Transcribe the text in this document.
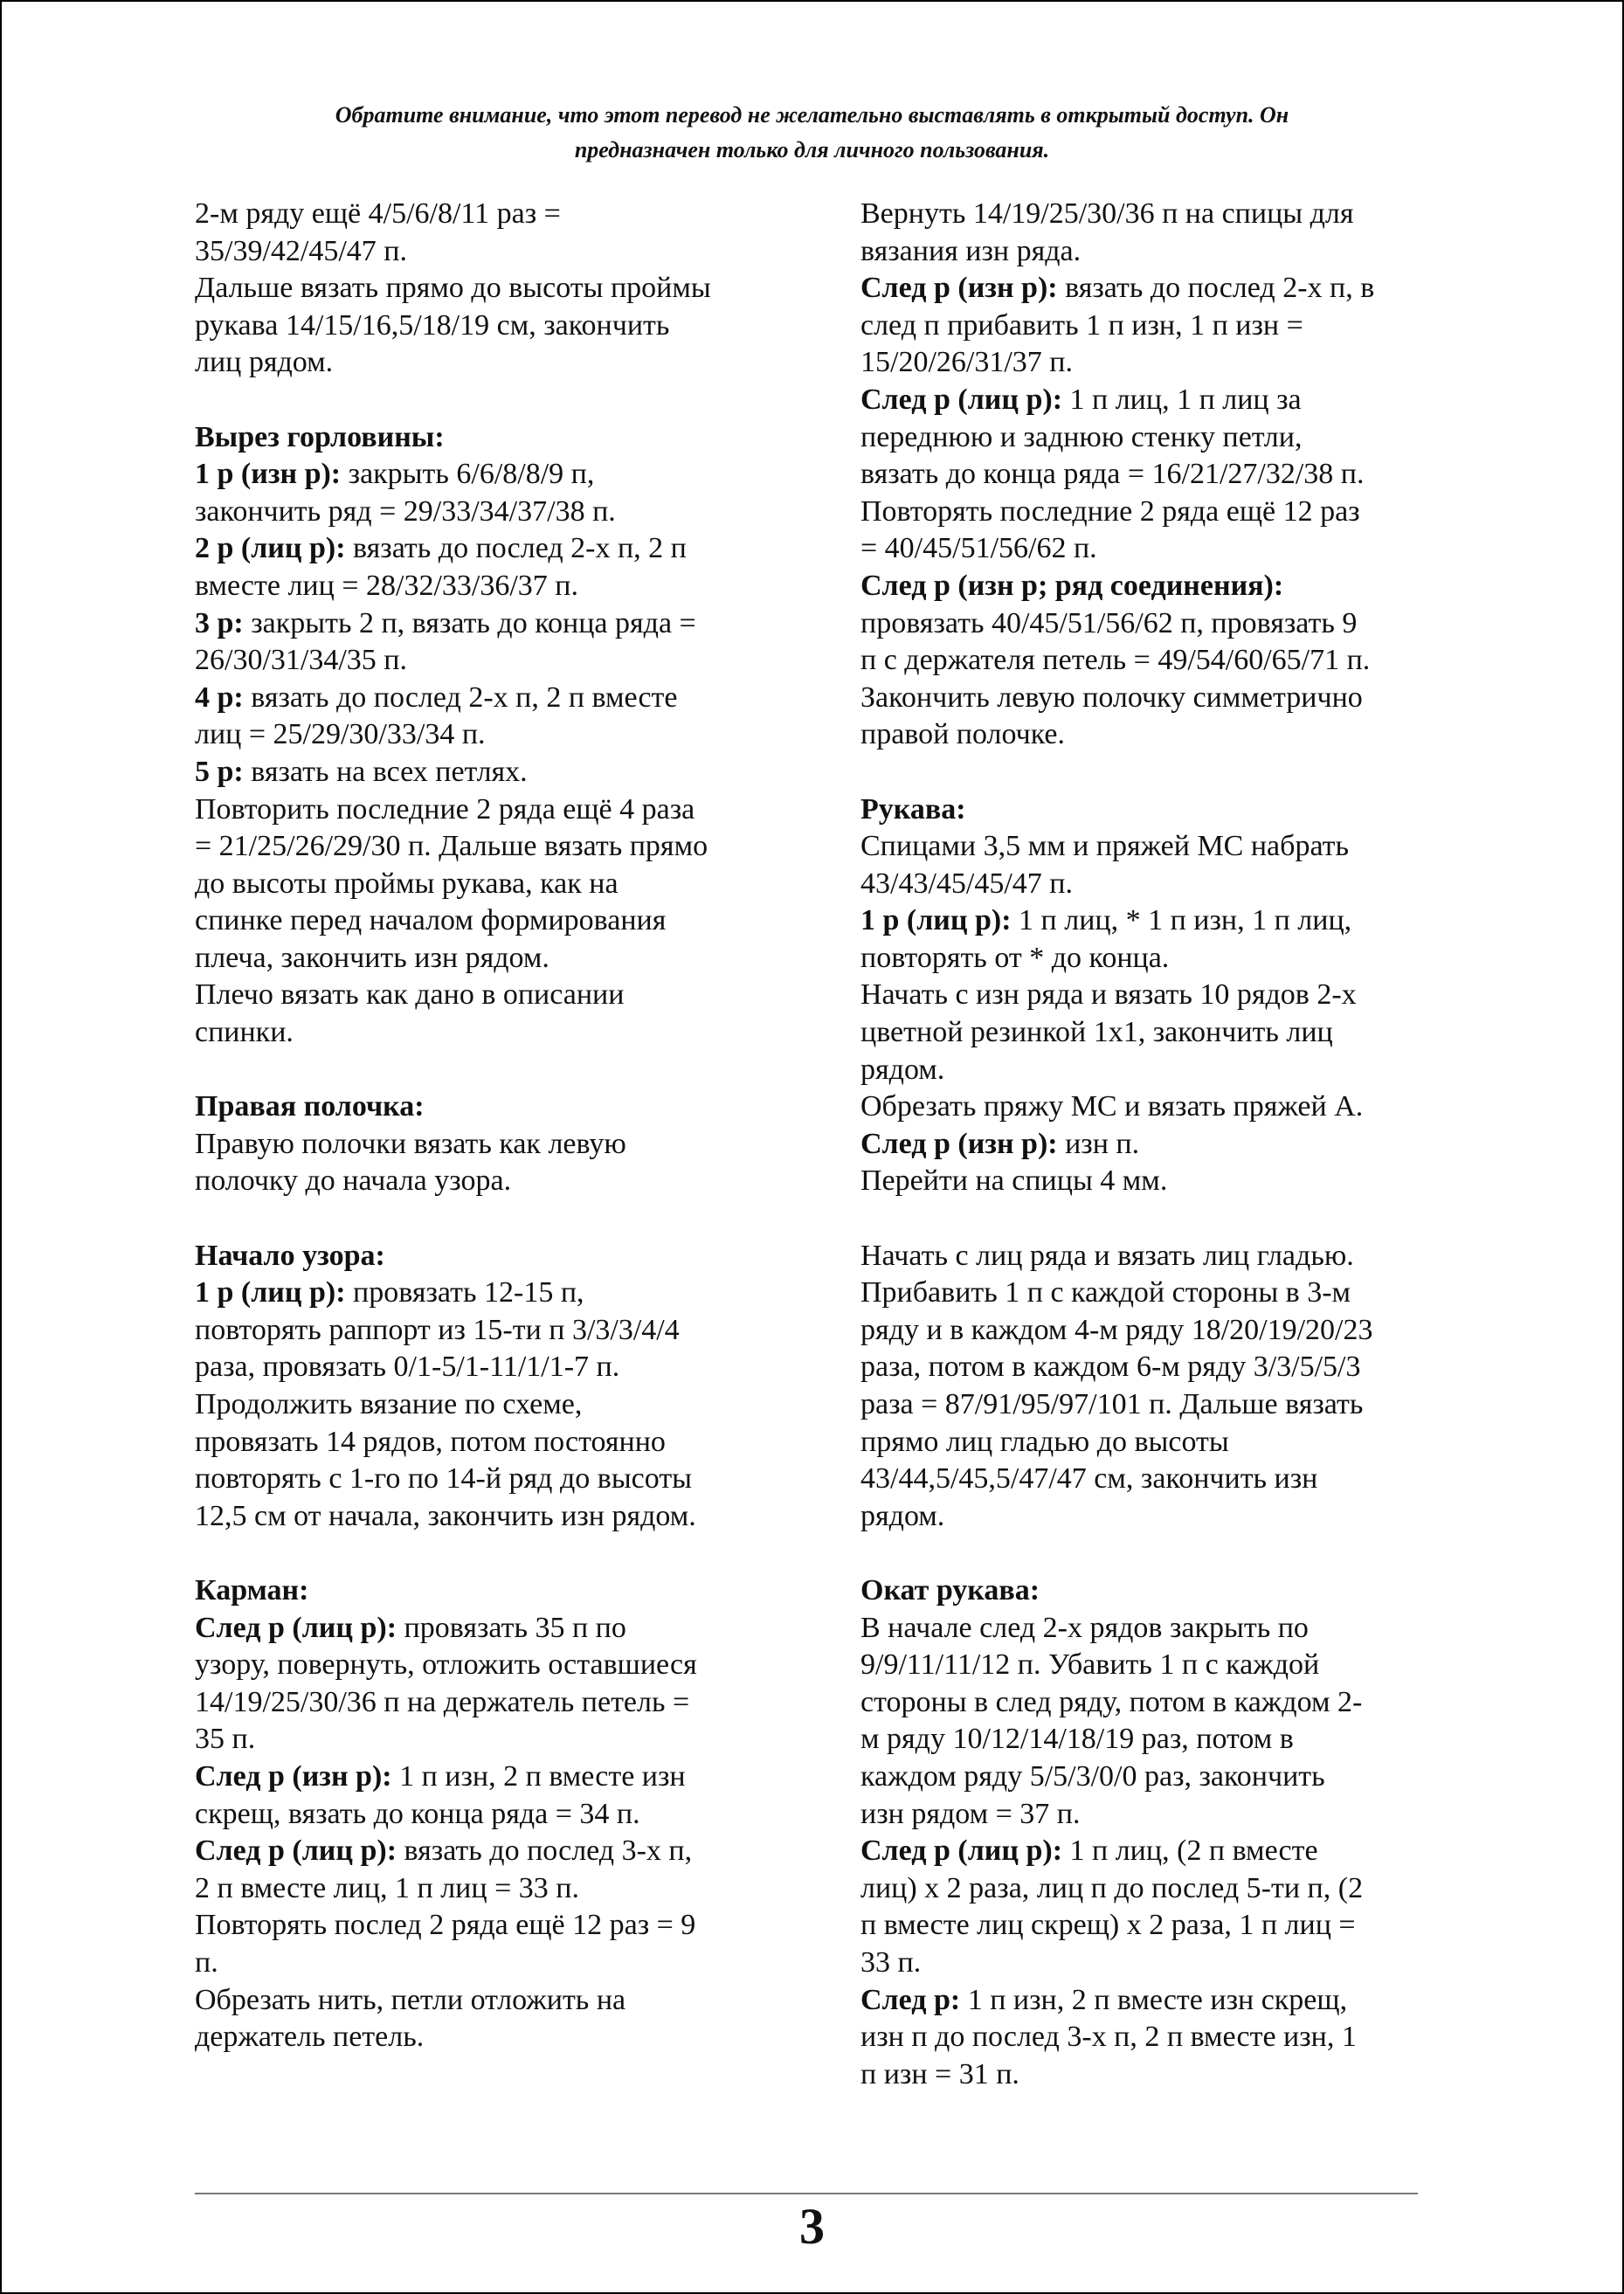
Обратите внимание, что этот перевод не желательно выставлять в открытый доступ. Он
предназначен только для личного пользования.
2-м ряду ещё 4/5/6/8/11 раз =
35/39/42/45/47 п.
Дальше вязать прямо до высоты проймы
рукава 14/15/16,5/18/19 см, закончить
лиц рядом.
Вырез горловины:
1 р (изн р): закрыть 6/6/8/8/9 п,
закончить ряд = 29/33/34/37/38 п.
2 р (лиц р): вязать до послед 2-х п, 2 п
вместе лиц = 28/32/33/36/37 п.
3 р: закрыть 2 п, вязать до конца ряда =
26/30/31/34/35 п.
4 р: вязать до послед 2-х п, 2 п вместе
лиц = 25/29/30/33/34 п.
5 р: вязать на всех петлях.
Повторить последние 2 ряда ещё 4 раза
= 21/25/26/29/30 п. Дальше вязать прямо
до высоты проймы рукава, как на
спинке перед началом формирования
плеча, закончить изн рядом.
Плечо вязать как дано в описании
спинки.
Правая полочка:
Правую полочки вязать как левую
полочку до начала узора.
Начало узора:
1 р (лиц р): провязать 12-15 п,
повторять раппорт из 15-ти п 3/3/3/4/4
раза, провязать 0/1-5/1-11/1/1-7 п.
Продолжить вязание по схеме,
провязать 14 рядов, потом постоянно
повторять с 1-го по 14-й ряд до высоты
12,5 см от начала, закончить изн рядом.
Карман:
След р (лиц р): провязать 35 п по
узору, повернуть, отложить оставшиеся
14/19/25/30/36 п на держатель петель =
35 п.
След р (изн р): 1 п изн, 2 п вместе изн
скрещ, вязать до конца ряда = 34 п.
След р (лиц р): вязать до послед 3-х п,
2 п вместе лиц, 1 п лиц = 33 п.
Повторять послед 2 ряда ещё 12 раз = 9
п.
Обрезать нить, петли отложить на
держатель петель.
Вернуть 14/19/25/30/36 п на спицы для
вязания изн ряда.
След р (изн р): вязать до послед 2-х п, в
след п прибавить 1 п изн, 1 п изн =
15/20/26/31/37 п.
След р (лиц р): 1 п лиц, 1 п лиц за
переднюю и заднюю стенку петли,
вязать до конца ряда = 16/21/27/32/38 п.
Повторять последние 2 ряда ещё 12 раз
= 40/45/51/56/62 п.
След р (изн р; ряд соединения):
провязать 40/45/51/56/62 п, провязать 9
п с держателя петель = 49/54/60/65/71 п.
Закончить левую полочку симметрично
правой полочке.
Рукава:
Спицами 3,5 мм и пряжей МС набрать
43/43/45/45/47 п.
1 р (лиц р): 1 п лиц, * 1 п изн, 1 п лиц,
повторять от * до конца.
Начать с изн ряда и вязать 10 рядов 2-х
цветной резинкой 1х1, закончить лиц
рядом.
Обрезать пряжу МС и вязать пряжей А.
След р (изн р): изн п.
Перейти на спицы 4 мм.
Начать с лиц ряда и вязать лиц гладью.
Прибавить 1 п с каждой стороны в 3-м
ряду и в каждом 4-м ряду 18/20/19/20/23
раза, потом в каждом 6-м ряду 3/3/5/5/3
раза = 87/91/95/97/101 п. Дальше вязать
прямо лиц гладью до высоты
43/44,5/45,5/47/47 см, закончить изн
рядом.
Окат рукава:
В начале след 2-х рядов закрыть по
9/9/11/11/12 п. Убавить 1 п с каждой
стороны в след ряду, потом в каждом 2-
м ряду 10/12/14/18/19 раз, потом в
каждом ряду 5/5/3/0/0 раз, закончить
изн рядом = 37 п.
След р (лиц р): 1 п лиц, (2 п вместе
лиц) х 2 раза, лиц п до послед 5-ти п, (2
п вместе лиц скрещ) х 2 раза, 1 п лиц =
33 п.
След р: 1 п изн, 2 п вместе изн скрещ,
изн п до послед 3-х п, 2 п вместе изн, 1
п изн = 31 п.
3
